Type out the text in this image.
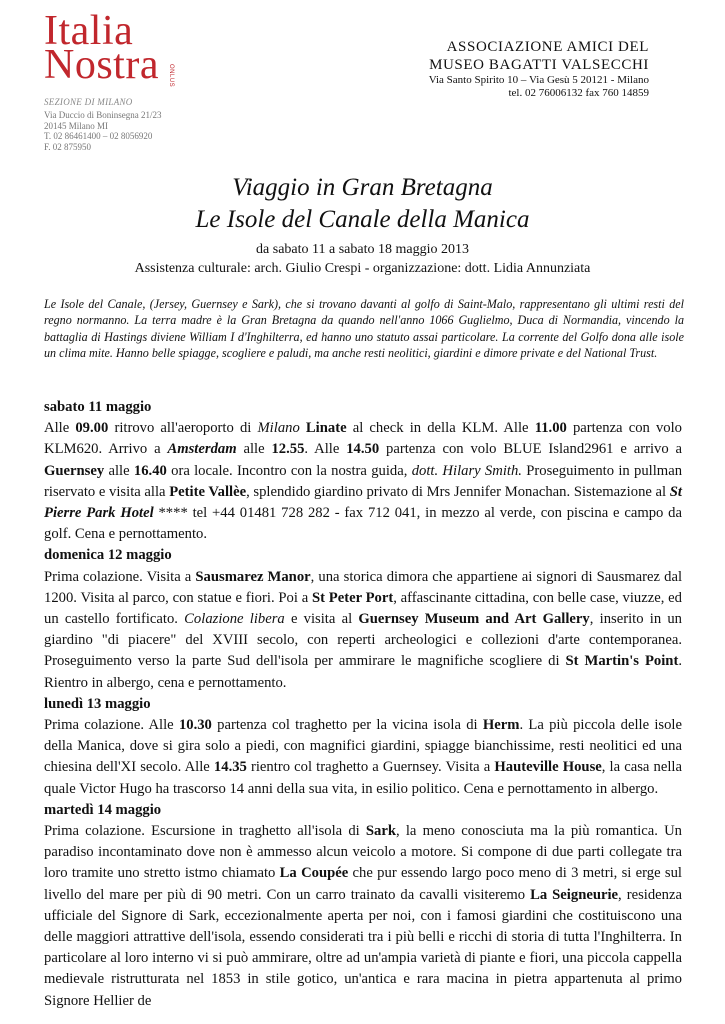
Italia
Nostra	ONLUS
SEZIONE DI MILANO
Via Duccio di Boninsegna 21/23
20145 Milano MI
T. 02 86461400 – 02 8056920
F. 02 875950
ASSOCIAZIONE AMICI DEL
MUSEO BAGATTI VALSECCHI
Via Santo Spirito 10 – Via Gesù 5 20121 - Milano
tel. 02 76006132 fax 760 14859
Viaggio in Gran Bretagna
Le Isole del Canale della Manica
da sabato 11 a sabato 18 maggio 2013
Assistenza culturale: arch. Giulio Crespi - organizzazione: dott. Lidia Annunziata
Le Isole del Canale, (Jersey, Guernsey e Sark), che si trovano davanti al golfo di Saint-Malo, rappresentano gli ultimi resti del regno normanno. La terra madre è la Gran Bretagna da quando nell'anno 1066 Guglielmo, Duca di Normandia, vincendo la battaglia di Hastings diviene William I d'Inghilterra, ed hanno uno statuto assai particolare. La corrente del Golfo dona alle isole un clima mite. Hanno belle spiagge, scogliere e paludi, ma anche resti neolitici, giardini e dimore private e del National Trust.
sabato 11 maggio

Alle 09.00 ritrovo all'aeroporto di Milano Linate al check in della KLM. Alle 11.00 partenza con volo KLM620. Arrivo a Amsterdam alle 12.55. Alle 14.50 partenza con volo BLUE Island2961 e arrivo a Guernsey alle 16.40 ora locale. Incontro con la nostra guida, dott. Hilary Smith. Proseguimento in pullman riservato e visita alla Petite Vallèe, splendido giardino privato di Mrs Jennifer Monachan. Sistemazione al St Pierre Park Hotel **** tel +44 01481 728 282 - fax 712 041, in mezzo al verde, con piscina e campo da golf. Cena e pernottamento.

domenica 12 maggio

Prima colazione. Visita a Sausmarez Manor, una storica dimora che appartiene ai signori di Sausmarez dal 1200. Visita al parco, con statue e fiori. Poi a St Peter Port, affascinante cittadina, con belle case, viuzze, ed un castello fortificato. Colazione libera e visita al Guernsey Museum and Art Gallery, inserito in un giardino "di piacere" del XVIII secolo, con reperti archeologici e collezioni d'arte contemporanea. Proseguimento verso la parte Sud dell'isola per ammirare le magnifiche scogliere di St Martin's Point. Rientro in albergo, cena e pernottamento.

lunedì 13 maggio

Prima colazione. Alle 10.30 partenza col traghetto per la vicina isola di Herm. La più piccola delle isole della Manica, dove si gira solo a piedi, con magnifici giardini, spiagge bianchissime, resti neolitici ed una chiesina dell'XI secolo. Alle 14.35 rientro col traghetto a Guernsey. Visita a Hauteville House, la casa nella quale Victor Hugo ha trascorso 14 anni della sua vita, in esilio politico. Cena e pernottamento in albergo.

martedì 14 maggio

Prima colazione. Escursione in traghetto all'isola di Sark, la meno conosciuta ma la più romantica. Un paradiso incontaminato dove non è ammesso alcun veicolo a motore. Si compone di due parti collegate tra loro tramite uno stretto istmo chiamato La Coupée che pur essendo largo poco meno di 3 metri, si erge sul livello del mare per più di 90 metri. Con un carro trainato da cavalli visiteremo La Seigneurie, residenza ufficiale del Signore di Sark, eccezionalmente aperta per noi, con i famosi giardini che costituiscono una delle maggiori attrattive dell'isola, essendo considerati tra i più belli e ricchi di storia di tutta l'Inghilterra. In particolare al loro interno vi si può ammirare, oltre ad un'ampia varietà di piante e fiori, una piccola cappella medievale ristrutturata nel 1853 in stile gotico, un'antica e rara macina in pietra appartenuta al primo Signore Hellier de
